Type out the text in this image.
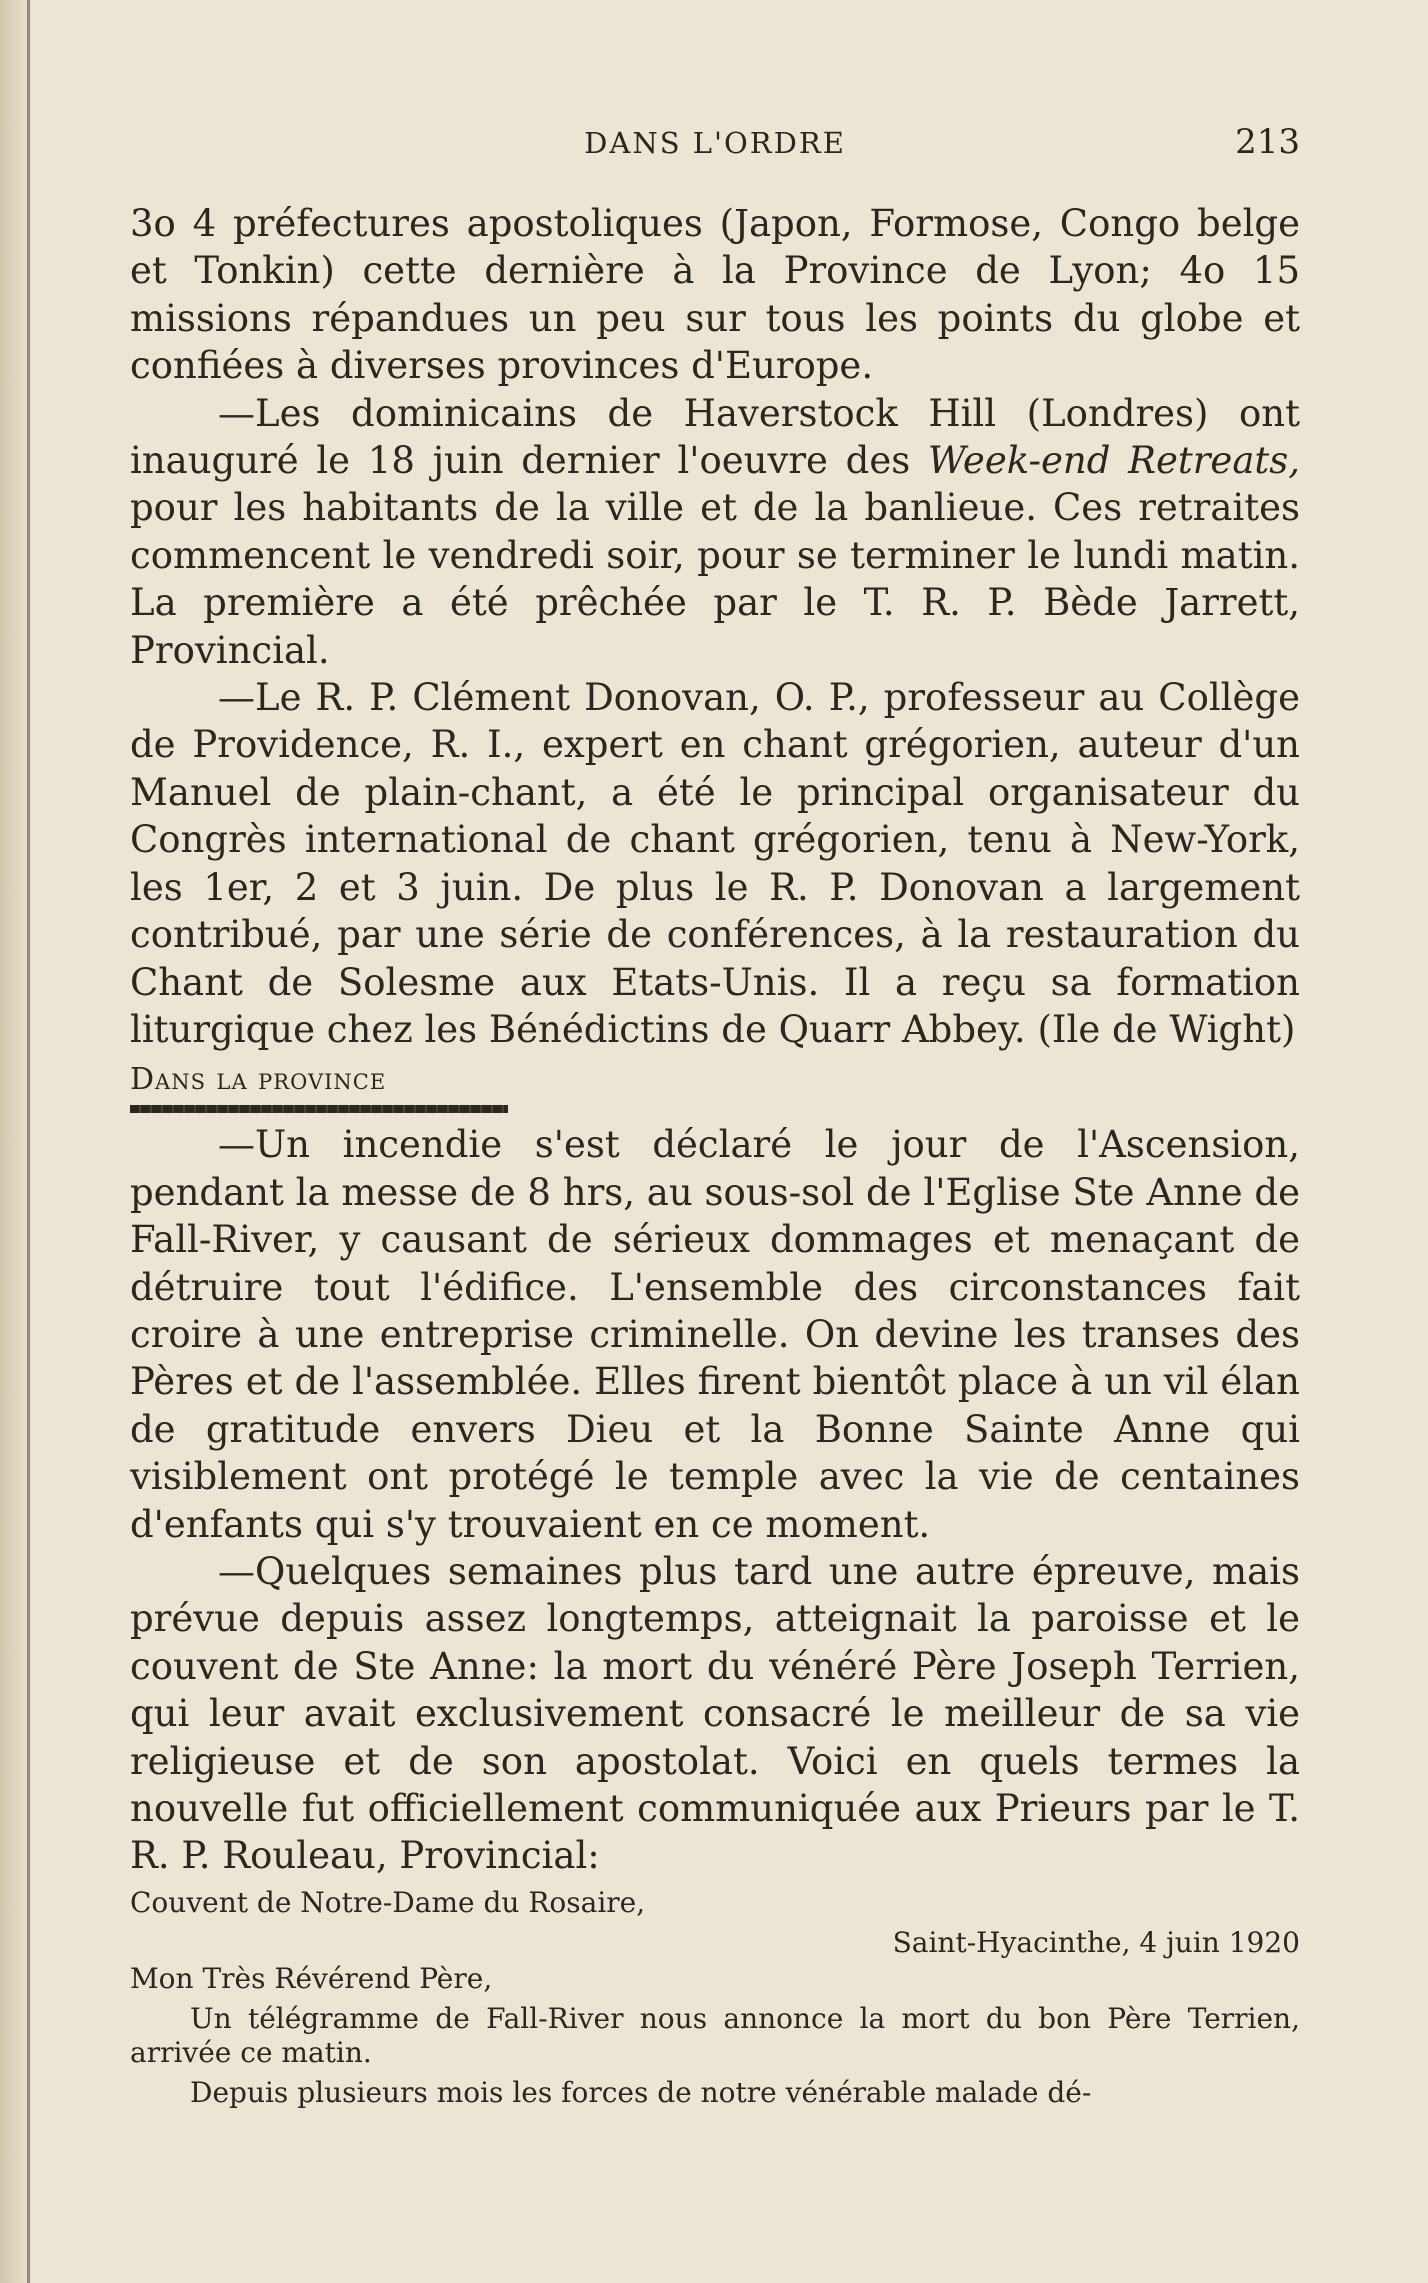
DANS L'ORDRE	213

3o 4 préfectures apostoliques (Japon, Formose, Congo belge et Tonkin) cette dernière à la Province de Lyon; 4o 15 missions répandues un peu sur tous les points du globe et confiées à diverses provinces d'Europe.

—Les dominicains de Haverstock Hill (Londres) ont inauguré le 18 juin dernier l'oeuvre des Week-end Retreats, pour les habitants de la ville et de la banlieue. Ces retraites commencent le vendredi soir, pour se terminer le lundi matin. La première a été prêchée par le T. R. P. Bède Jarrett, Provincial.

—Le R. P. Clément Donovan, O. P., professeur au Collège de Providence, R. I., expert en chant grégorien, auteur d'un Manuel de plain-chant, a été le principal organisateur du Congrès international de chant grégorien, tenu à New-York, les 1er, 2 et 3 juin. De plus le R. P. Donovan a largement contribué, par une série de conférences, à la restauration du Chant de Solesme aux Etats-Unis. Il a reçu sa formation liturgique chez les Bénédictins de Quarr Abbey. (Ile de Wight)

Dans la province

—Un incendie s'est déclaré le jour de l'Ascension, pendant la messe de 8 hrs, au sous-sol de l'Eglise Ste Anne de Fall-River, y causant de sérieux dommages et menaçant de détruire tout l'édifice. L'ensemble des circonstances fait croire à une entreprise criminelle. On devine les transes des Pères et de l'assemblée. Elles firent bientôt place à un vil élan de gratitude envers Dieu et la Bonne Sainte Anne qui visiblement ont protégé le temple avec la vie de centaines d'enfants qui s'y trouvaient en ce moment.

—Quelques semaines plus tard une autre épreuve, mais prévue depuis assez longtemps, atteignait la paroisse et le couvent de Ste Anne: la mort du vénéré Père Joseph Terrien, qui leur avait exclusivement consacré le meilleur de sa vie religieuse et de son apostolat. Voici en quels termes la nouvelle fut officiellement communiquée aux Prieurs par le T. R. P. Rouleau, Provincial:

Couvent de Notre-Dame du Rosaire,
Saint-Hyacinthe, 4 juin 1920
Mon Très Révérend Père,

Un télégramme de Fall-River nous annonce la mort du bon Père Terrien, arrivée ce matin.

Depuis plusieurs mois les forces de notre vénérable malade dé-
